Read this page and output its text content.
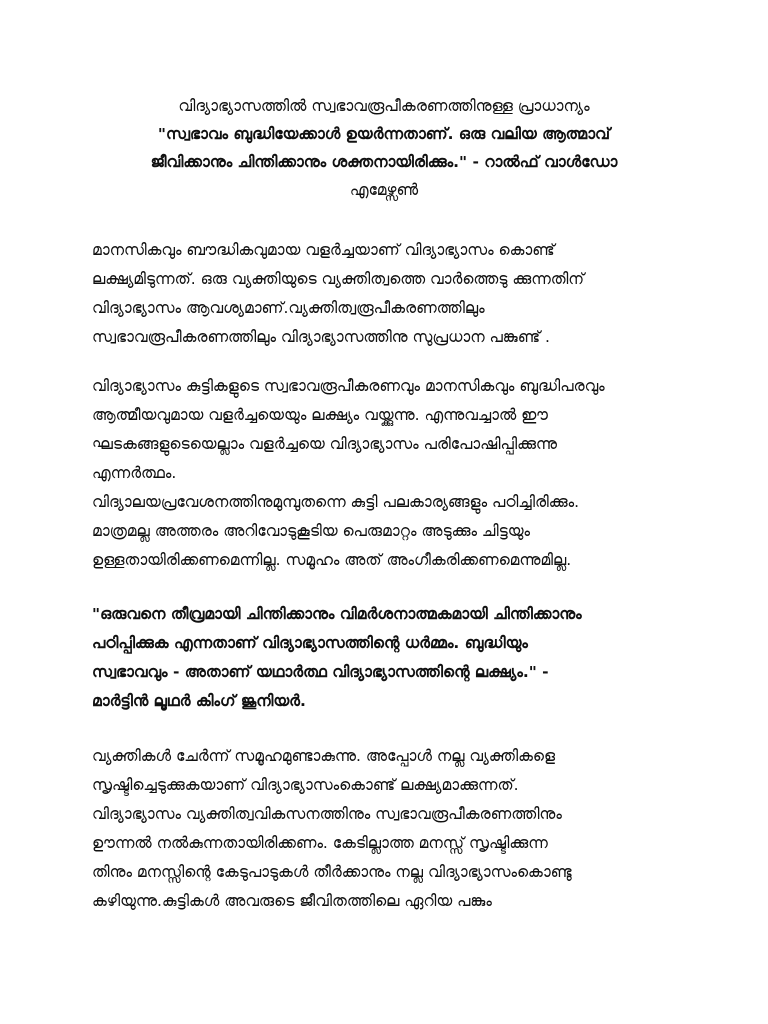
വിദ്യാഭ്യാസത്തിൽ സ്വഭാവരൂപീകരണത്തിനുള്ള പ്രാധാന്യം
"സ്വഭാവം ബുദ്ധിയേക്കാൾ ഉയർന്നതാണ്. ഒരു വലിയ ആത്മാവ്
ജീവിക്കാനും ചിന്തിക്കാനും ശക്തനായിരിക്കും." - റാൽഫ് വാൾഡോ
എമേഴ്സൺ
മാനസികവും ബൗദ്ധികവുമായ വളർച്ചയാണ് വിദ്യാഭ്യാസം കൊണ്ട്
ലക്ഷ്യമിടുന്നത്. ഒരു വ്യക്തിയുടെ വ്യക്തിത്വത്തെ വാർത്തെടു ക്കുന്നതിന്
വിദ്യാഭ്യാസം ആവശ്യമാണ്.വ്യക്തിത്വരൂപീകരണത്തിലും
സ്വഭാവരൂപീകരണത്തിലും വിദ്യാഭ്യാസത്തിനു സുപ്രധാന പങ്കുണ്ട് .
വിദ്യാഭ്യാസം കുട്ടികളുടെ സ്വഭാവരൂപീകരണവും മാനസികവും ബുദ്ധിപരവും
ആത്മീയവുമായ വളർച്ചയെയും ലക്ഷ്യം വയ്ക്കുന്നു. എന്നുവച്ചാൽ ഈ
ഘടകങ്ങളുടെയെല്ലാം വളർച്ചയെ വിദ്യാഭ്യാസം പരിപോഷിപ്പിക്കുന്നു
എന്നർത്ഥം.
വിദ്യാലയപ്രവേശനത്തിനുമുമ്പുതന്നെ കുട്ടി പലകാര്യങ്ങളും പഠിച്ചിരിക്കും.
മാത്രമല്ല അത്തരം അറിവോടുകൂടിയ പെരുമാറ്റം അടുക്കും ചിട്ടയും
ഉള്ളതായിരിക്കണമെന്നില്ല. സമൂഹം അത് അംഗീകരിക്കണമെന്നുമില്ല.
"ഒരുവനെ തീവ്രമായി ചിന്തിക്കാനും വിമർശനാത്മകമായി ചിന്തിക്കാനും
പഠിപ്പിക്കുക എന്നതാണ് വിദ്യാഭ്യാസത്തിന്റെ ധർമ്മം. ബുദ്ധിയും
സ്വഭാവവും - അതാണ് യഥാർത്ഥ വിദ്യാഭ്യാസത്തിന്റെ ലക്ഷ്യം." -
മാർട്ടിൻ ലൂഥർ കിംഗ് ജൂനിയർ.
വ്യക്തികൾ ചേർന്ന് സമൂഹമുണ്ടാകുന്നു. അപ്പോൾ നല്ല വ്യക്തികളെ
സൃഷ്ടിച്ചെടുക്കുകയാണ് വിദ്യാഭ്യാസംകൊണ്ട് ലക്ഷ്യമാക്കുന്നത്.
വിദ്യാഭ്യാസം വ്യക്തിത്വവികസനത്തിനും സ്വഭാവരൂപീകരണത്തിനും
ഊന്നൽ നൽകുന്നതായിരിക്കണം. കേടില്ലാത്ത മനസ്സ് സൃഷ്ടിക്കുന്ന
തിനും മനസ്സിന്റെ കേടുപാടുകൾ തീർക്കാനും നല്ല വിദ്യാഭ്യാസംകൊണ്ടു
കഴിയുന്നു.കുട്ടികൾ അവരുടെ ജീവിതത്തിലെ ഏറിയ പങ്കും
